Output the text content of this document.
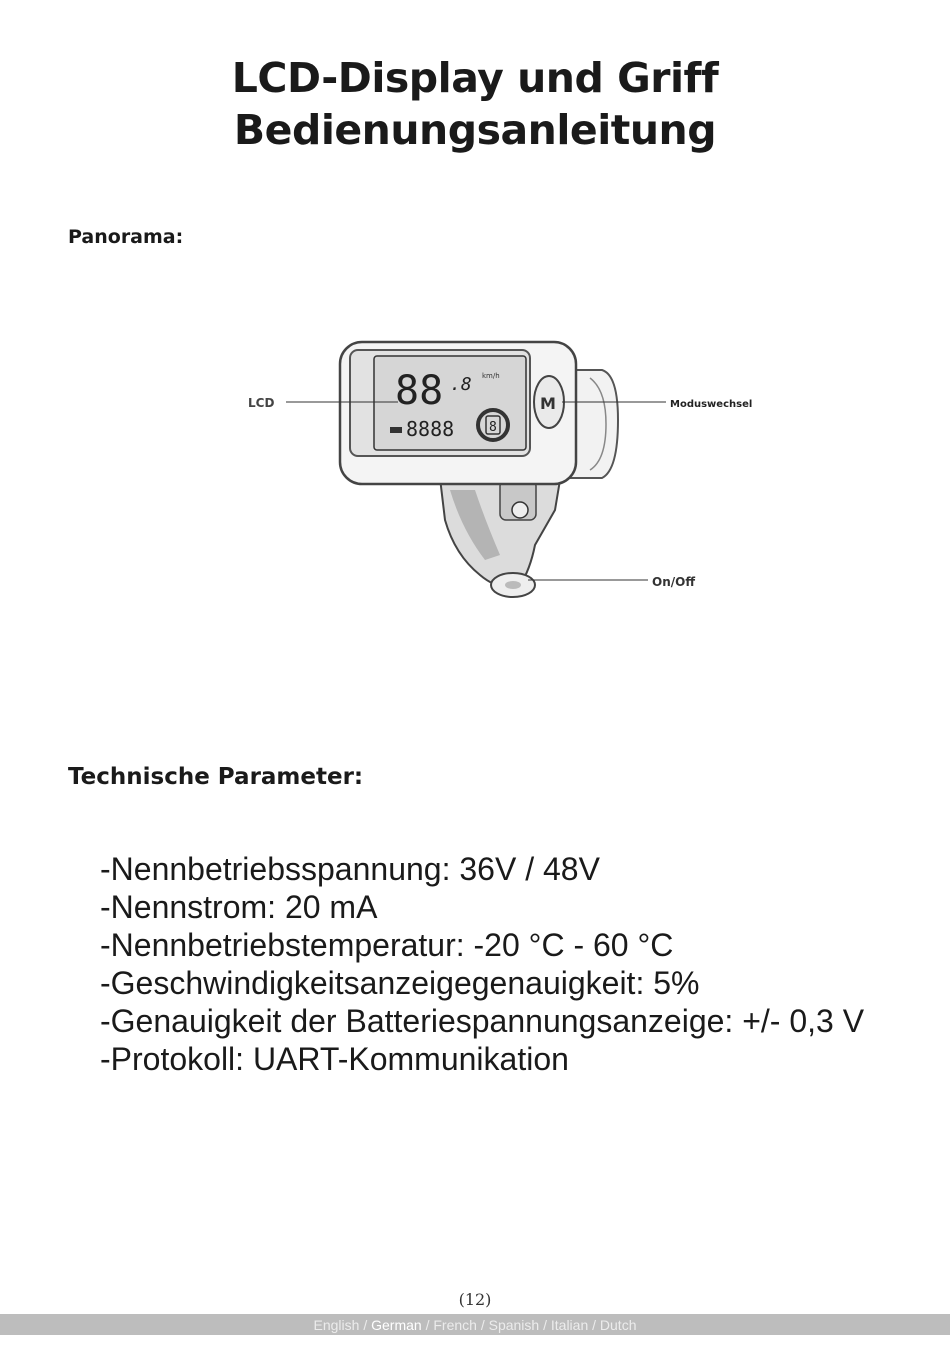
LCD-Display und Griff
Bedienungsanleitung
Panorama:
88 .8 km/h
8888	8
M
LCD	Moduswechsel
On/Off
Technische Parameter:
-Nennbetriebsspannung: 36V / 48V
-Nennstrom: 20 mA
-Nennbetriebstemperatur: -20 °C - 60 °C
-Geschwindigkeitsanzeigegenauigkeit: 5%
-Genauigkeit der Batteriespannungsanzeige: +/- 0,3 V
-Protokoll: UART-Kommunikation
(12)
English / German / French / Spanish / Italian / Dutch
